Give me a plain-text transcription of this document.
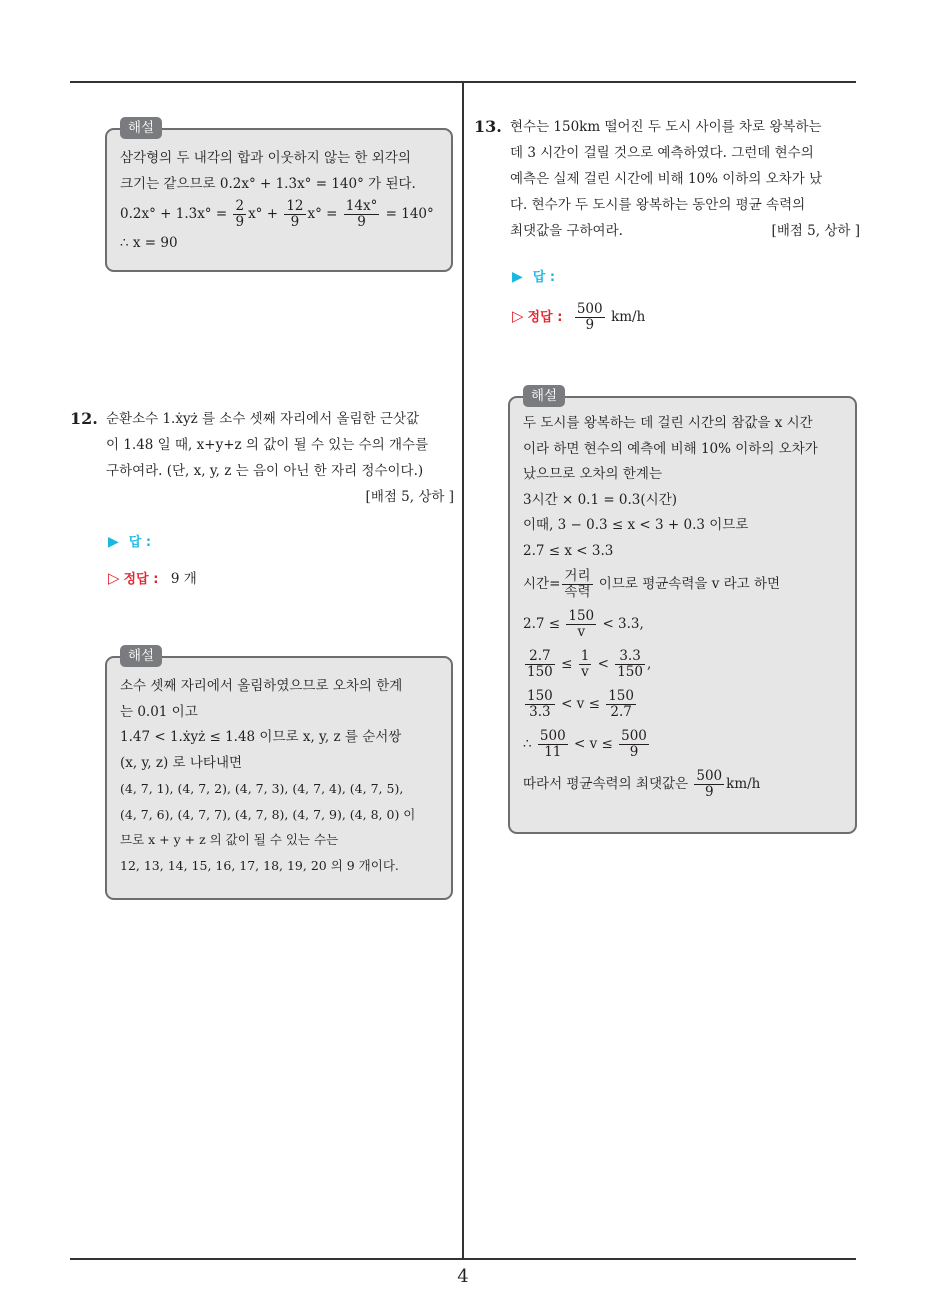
해설
삼각형의 두 내각의 합과 이웃하지 않는 한 외각의
크기는 같으므로 0.2̇x° + 1.3̇x° = 140° 가 된다.
0.2̇x° + 1.3̇x° = $\frac{2}{9} x^\circ + \frac{12}{9} x^\circ = \frac{14x^\circ}{9} = 140^\circ$
∴ x = 90
12. 순환소수 1.ẋyż 를 소수 셋째 자리에서 올림한 근삿값
이 1.48 일 때, x+y+z 의 값이 될 수 있는 수의 개수를
구하여라. (단, x, y, z 는 음이 아닌 한 자리 정수이다.)
[배점 5, 상하 ]
▶ 답 :
▷ 정답 : 9 개
해설
소수 셋째 자리에서 올림하였으므로 오차의 한계
는 0.01 이고
1.47 < 1.ẋyż ≤ 1.48 이므로 x, y, z 를 순서쌍
(x, y, z) 로 나타내면
(4, 7, 1), (4, 7, 2), (4, 7, 3), (4, 7, 4), (4, 7, 5),
(4, 7, 6), (4, 7, 7), (4, 7, 8), (4, 7, 9), (4, 8, 0) 이
므로 x + y + z 의 값이 될 수 있는 수는
12, 13, 14, 15, 16, 17, 18, 19, 20 의 9 개이다.
13. 현수는 150km 떨어진 두 도시 사이를 차로 왕복하는
데 3 시간이 걸릴 것으로 예측하였다. 그런데 현수의
예측은 실제 걸린 시간에 비해 10% 이하의 오차가 났
다. 현수가 두 도시를 왕복하는 동안의 평균 속력의
최댓값을 구하여라.	[배점 5, 상하 ]
▶ 답 :
▷ 정답 : $\frac{500}{9} km/h$
해설
두 도시를 왕복하는 데 걸린 시간의 참값을 x 시간
이라 하면 현수의 예측에 비해 10% 이하의 오차가
났으므로 오차의 한계는
3시간 × 0.1 = 0.3(시간)
이때, 3 − 0.3 ≤ x < 3 + 0.3 이므로
2.7 ≤ x < 3.3
시간= $\frac{\text{거리}}{\text{속력}}$ 이므로 평균속력을 v 라고 하면
$2.7 \le \frac{150}{v} < 3.3$,
$\frac{2.7}{150} \le \frac{1}{v} < \frac{3.3}{150}$ ,
$\frac{150}{3.3} < v \le \frac{150}{2.7}$
∴ $\frac{500}{11} < v \le \frac{500}{9}$
따라서 평균속력의 최댓값은 $\frac{500}{9} km/h$
4
